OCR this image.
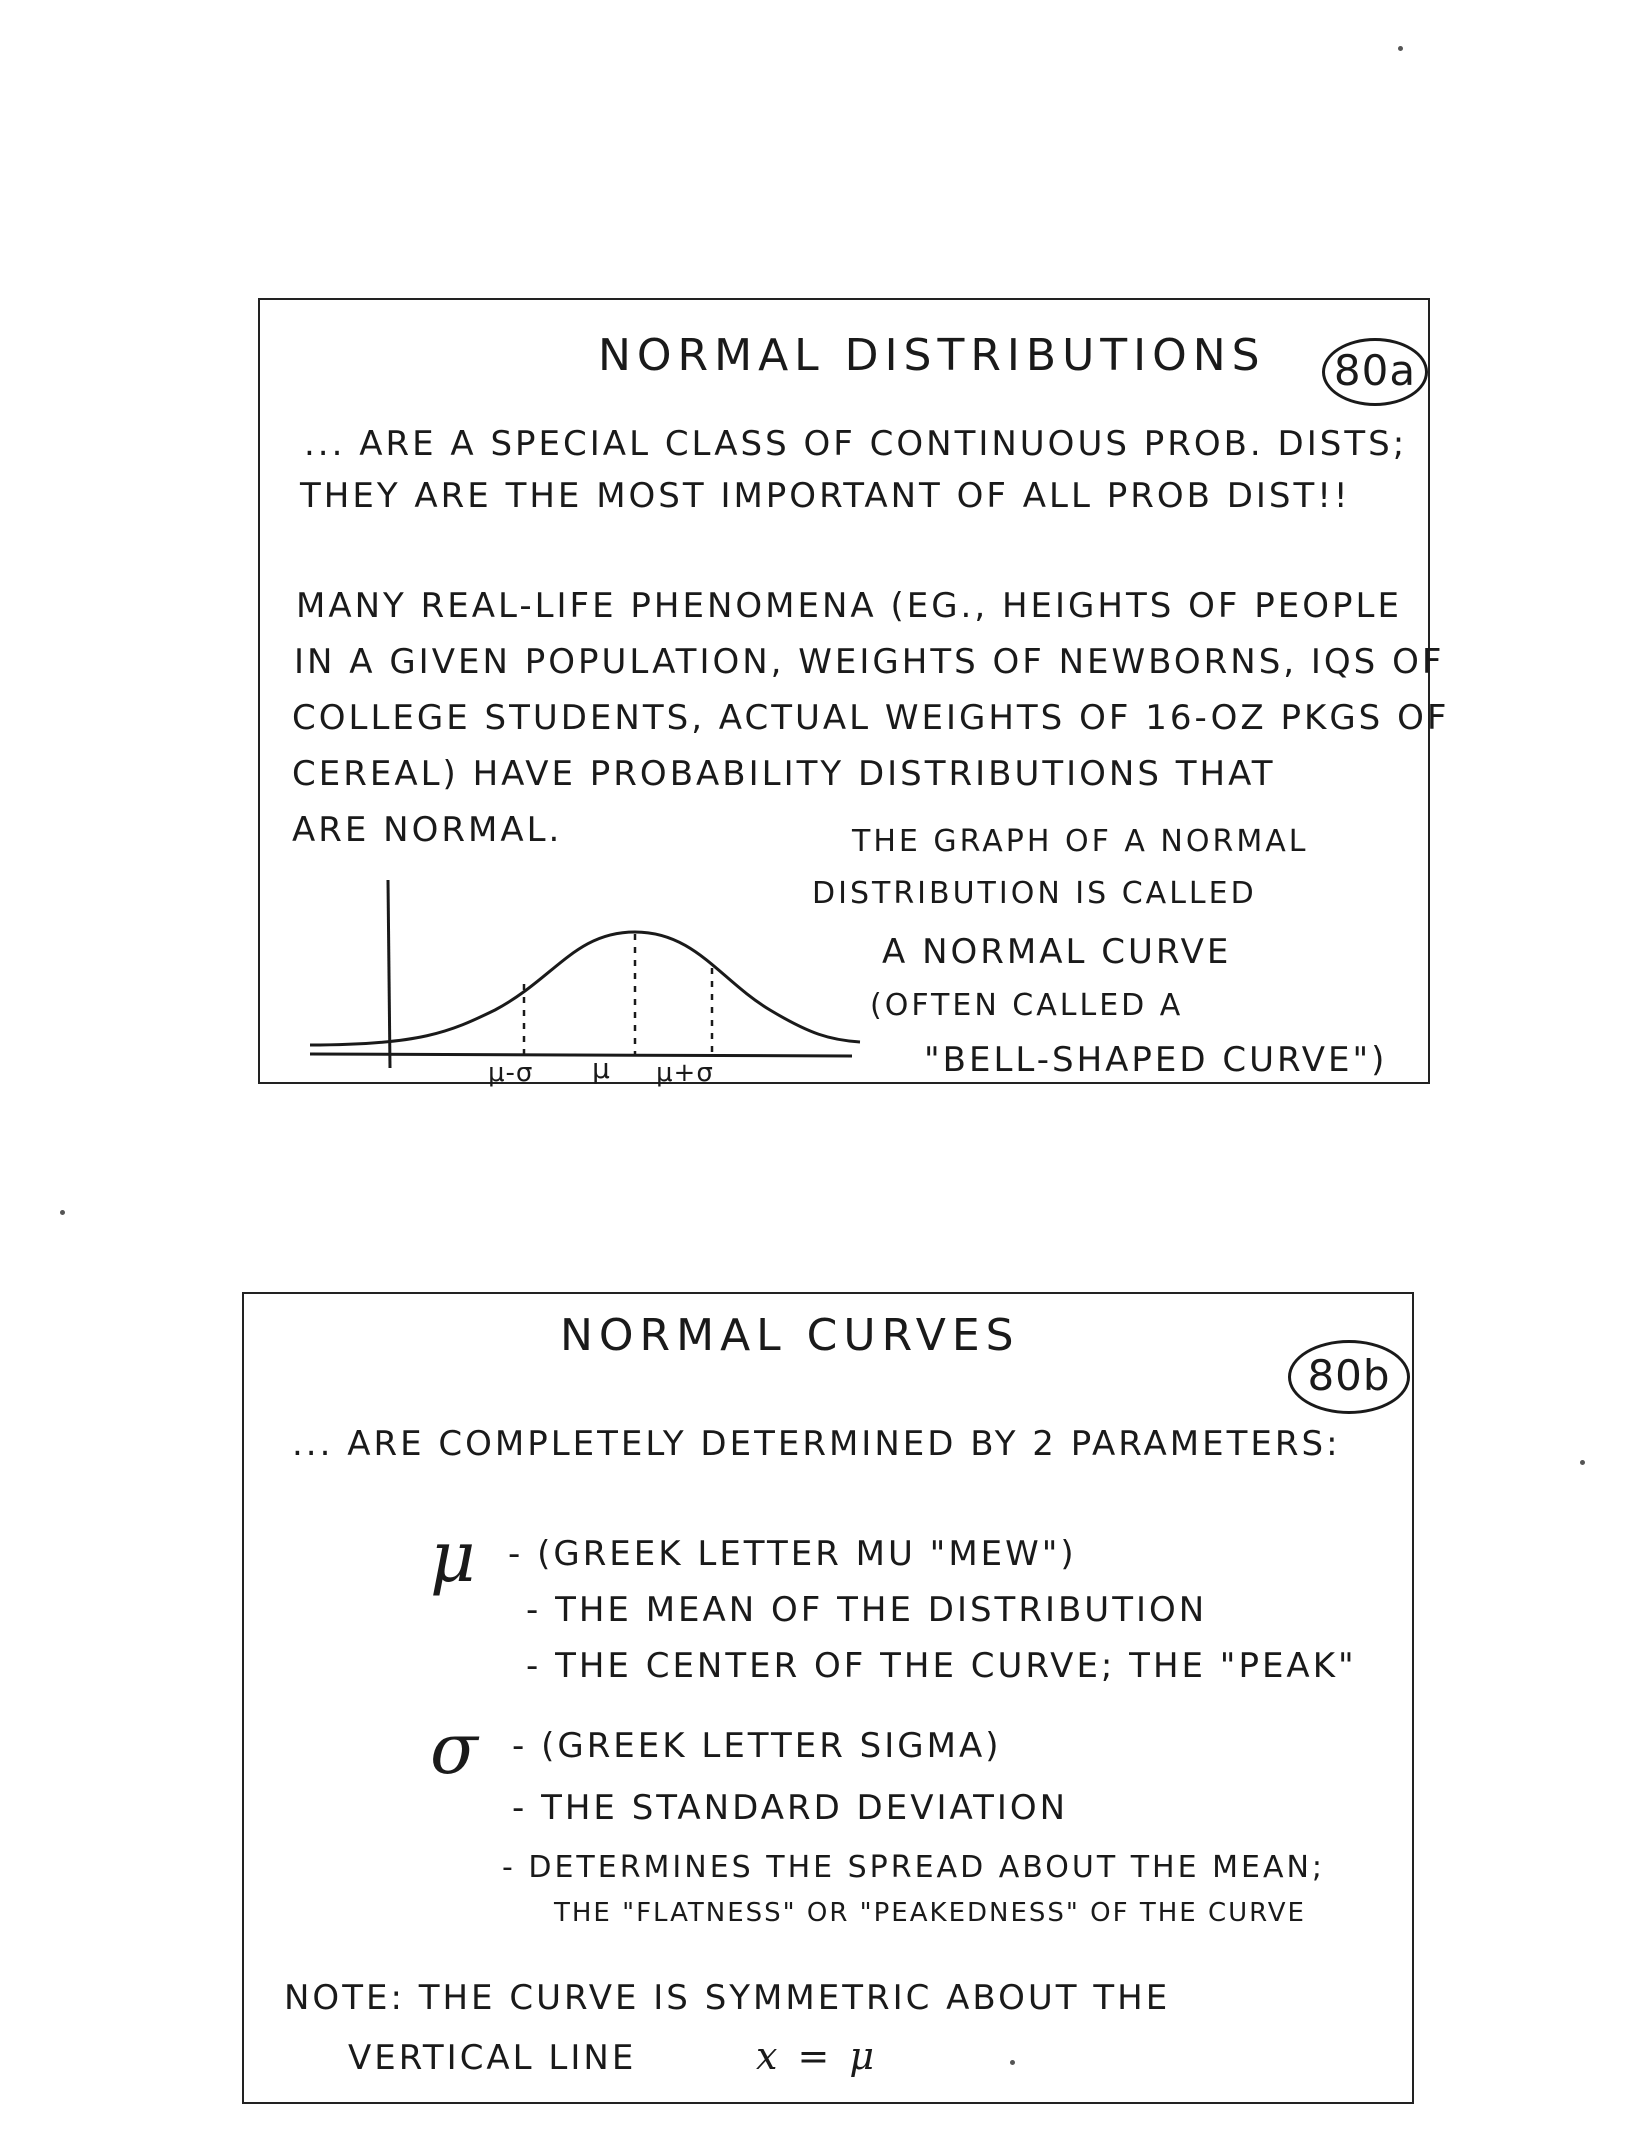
NORMAL DISTRIBUTIONS 80a
... ARE A SPECIAL CLASS OF CONTINUOUS PROB. DISTS;
THEY ARE THE MOST IMPORTANT OF ALL PROB DIST!!
MANY REAL-LIFE PHENOMENA (EG., HEIGHTS OF PEOPLE
IN A GIVEN POPULATION, WEIGHTS OF NEWBORNS, IQS OF
COLLEGE STUDENTS, ACTUAL WEIGHTS OF 16-OZ PKGS OF
CEREAL) HAVE PROBABILITY DISTRIBUTIONS THAT
ARE NORMAL.	THE GRAPH OF A NORMAL
DISTRIBUTION IS CALLED
A NORMAL CURVE
(OFTEN CALLED A
"BELL-SHAPED CURVE")
μ-σ μ μ+σ
NORMAL CURVES
80b
... ARE COMPLETELY DETERMINED BY 2 PARAMETERS:
μ - (GREEK LETTER MU "MEW")
- THE MEAN OF THE DISTRIBUTION
- THE CENTER OF THE CURVE; THE "PEAK"
σ - (GREEK LETTER SIGMA)
- THE STANDARD DEVIATION
- DETERMINES THE SPREAD ABOUT THE MEAN;
THE "FLATNESS" OR "PEAKEDNESS" OF THE CURVE
NOTE: THE CURVE IS SYMMETRIC ABOUT THE
VERTICAL LINE	x = μ
